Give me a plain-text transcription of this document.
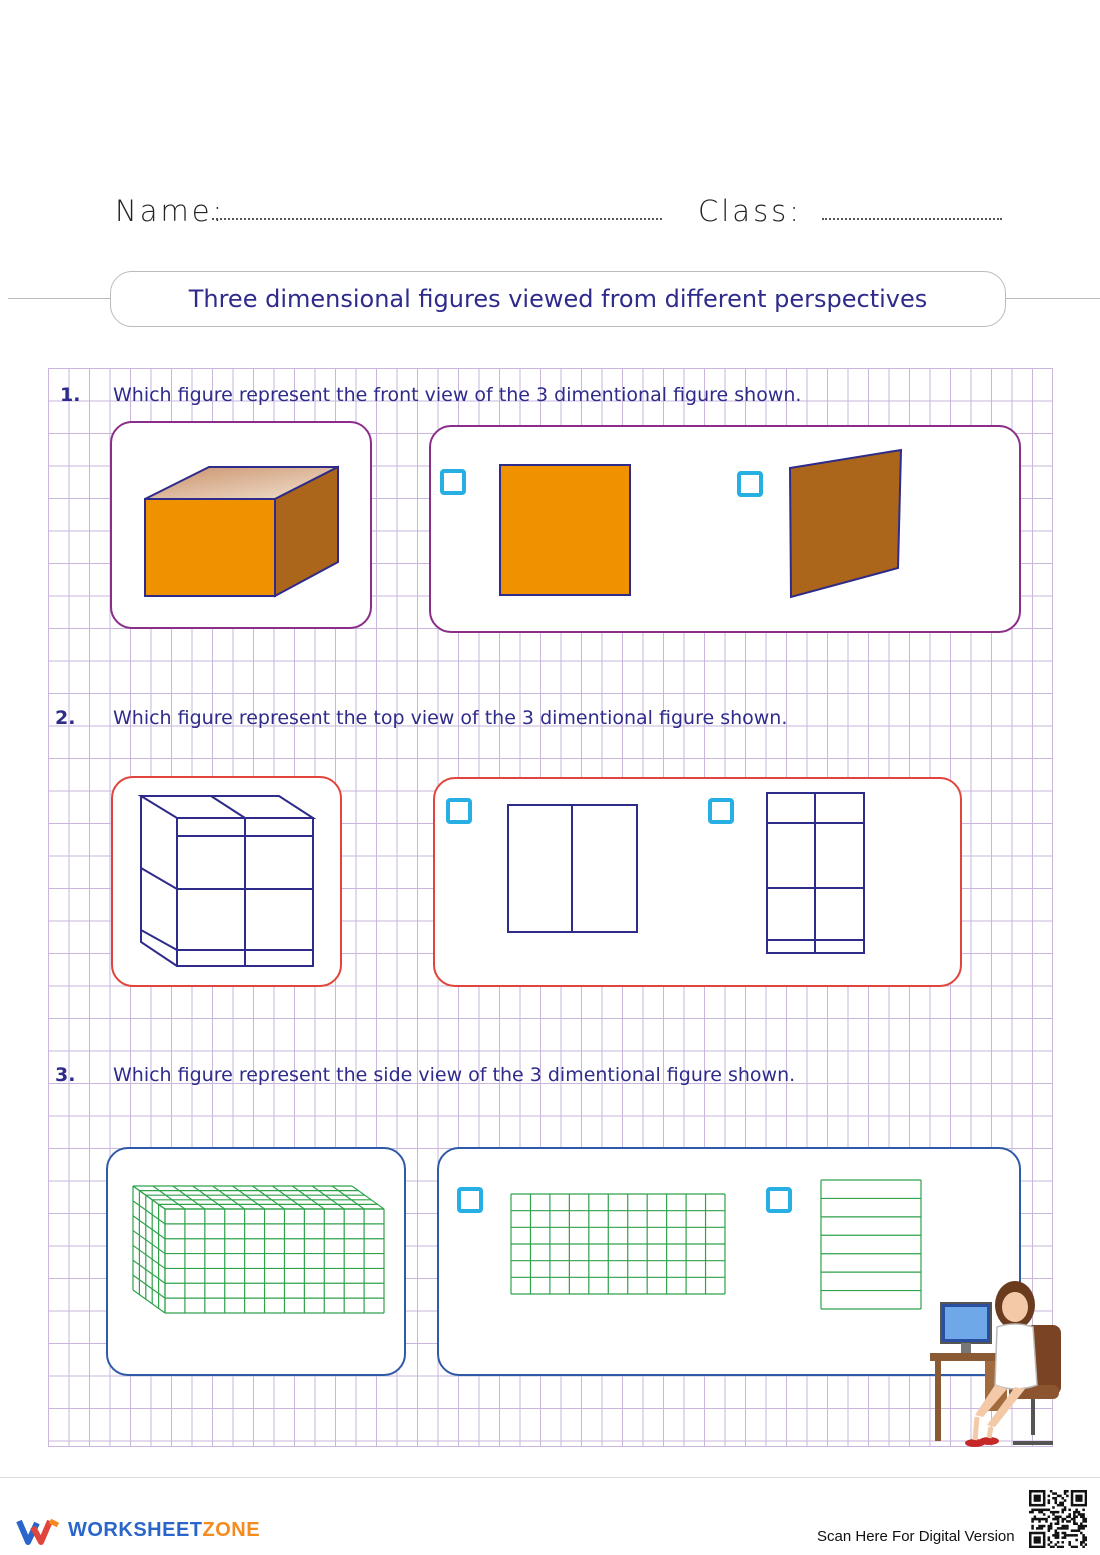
Name:	Class:
Three dimensional figures viewed from different perspectives
1. Which figure represent the front view of the 3 dimentional figure shown.
2. Which figure represent the top view of the 3 dimentional figure shown.
3. Which figure represent the side view of the 3 dimentional figure shown.
WORKSHEETZONE	Scan Here For Digital Version
